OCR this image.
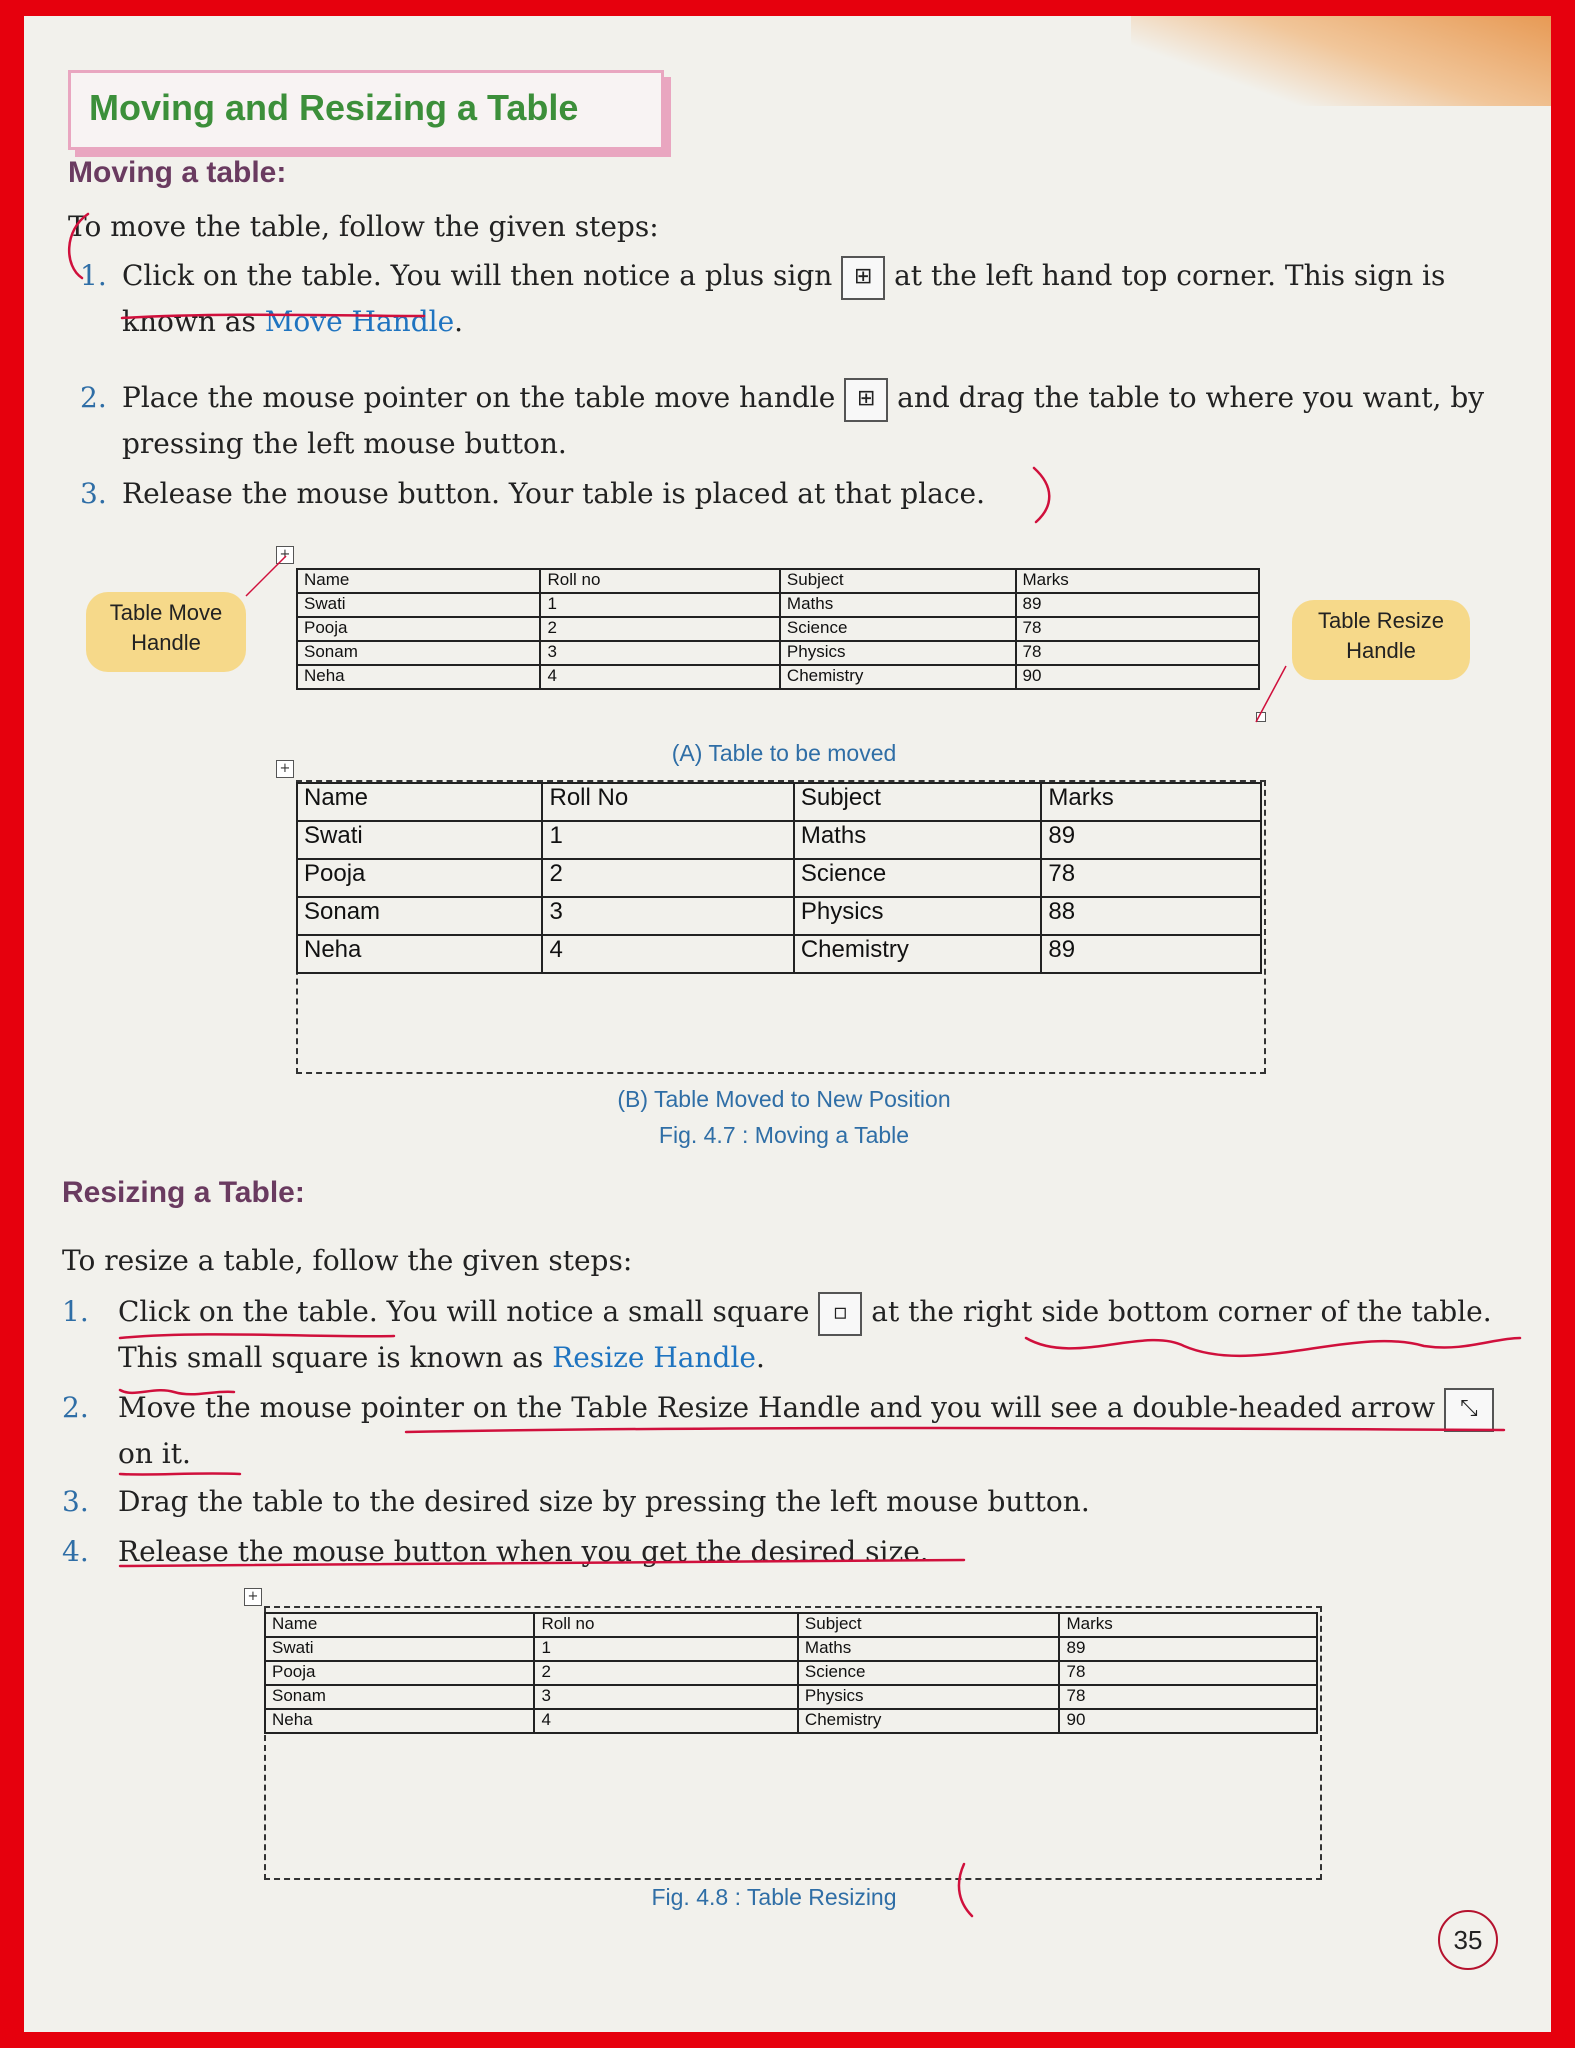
Moving and Resizing a Table
Moving a table:
To move the table, follow the given steps:
1. Click on the table. You will then notice a plus sign ⊞ at the left hand top corner. This sign is known as Move Handle.
2. Place the mouse pointer on the table move handle ⊞ and drag the table to where you want, by pressing the left mouse button.
3. Release the mouse button. Your table is placed at that place.
Table Move Handle
Table Resize Handle
+
Name	Roll no	Subject	Marks
Swati	1	Maths	89
Pooja	2	Science	78
Sonam	3	Physics	78
Neha	4	Chemistry	90
(A) Table to be moved
+
Name	Roll No	Subject	Marks
Swati	1	Maths	89
Pooja	2	Science	78
Sonam	3	Physics	88
Neha	4	Chemistry	89
(B) Table Moved to New Position
Fig. 4.7 : Moving a Table
Resizing a Table:
To resize a table, follow the given steps:
1. Click on the table. You will notice a small square ▫ at the right side bottom corner of the table. This small square is known as Resize Handle.
2. Move the mouse pointer on the Table Resize Handle and you will see a double-headed arrow ⤡ on it.
3. Drag the table to the desired size by pressing the left mouse button.
4. Release the mouse button when you get the desired size.
+
Name	Roll no	Subject	Marks
Swati	1	Maths	89
Pooja	2	Science	78
Sonam	3	Physics	78
Neha	4	Chemistry	90
Fig. 4.8 : Table Resizing
35
